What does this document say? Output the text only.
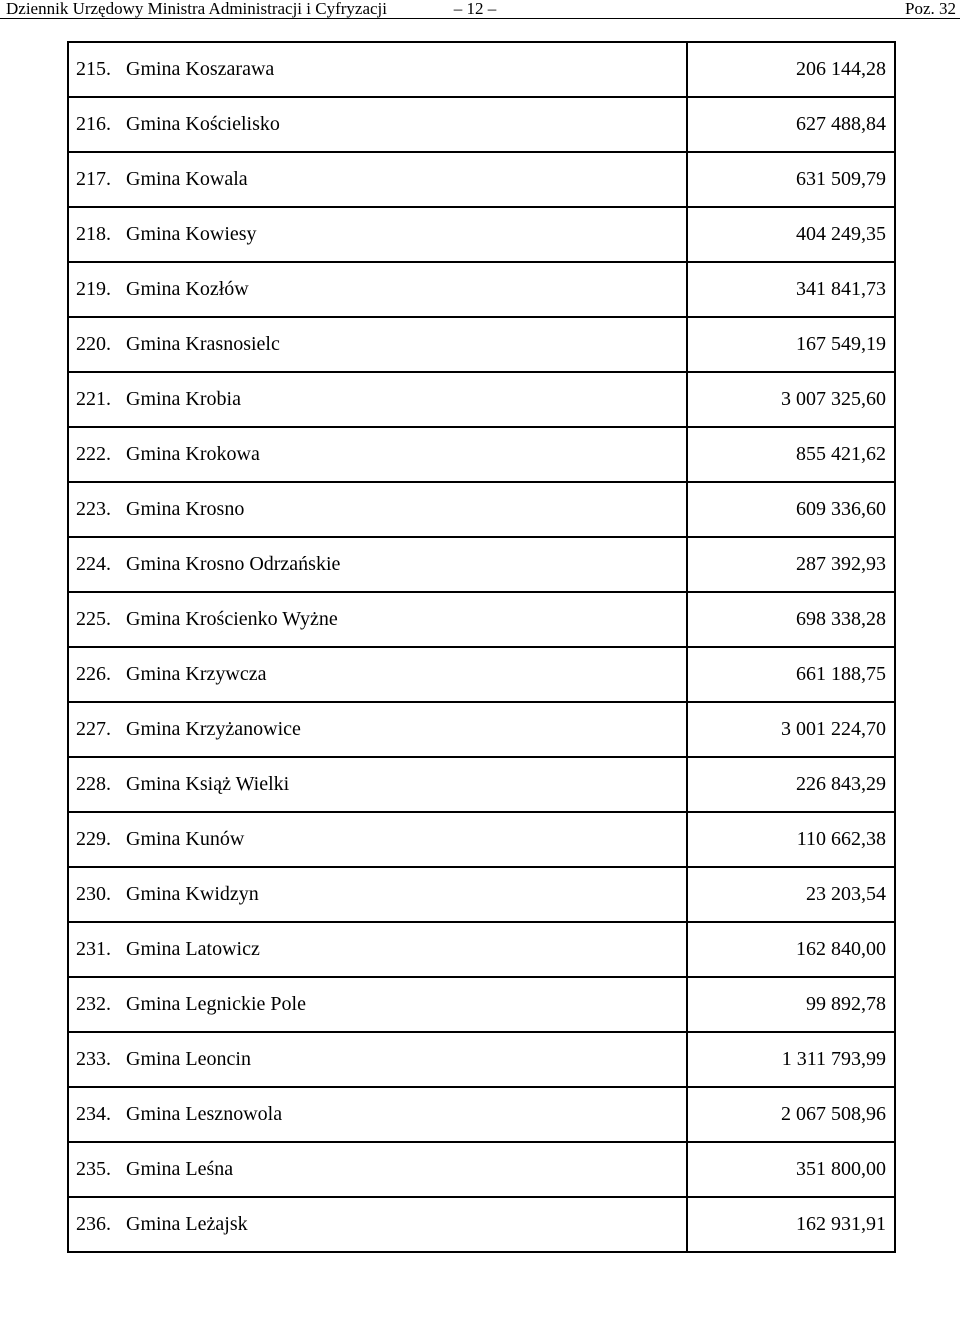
Dziennik Urzędowy Ministra Administracji i Cyfryzacji	– 12 –	Poz. 32
215. Gmina Koszarawa	206 144,28
216. Gmina Kościelisko	627 488,84
217. Gmina Kowala	631 509,79
218. Gmina Kowiesy	404 249,35
219. Gmina Kozłów	341 841,73
220. Gmina Krasnosielc	167 549,19
221. Gmina Krobia	3 007 325,60
222. Gmina Krokowa	855 421,62
223. Gmina Krosno	609 336,60
224. Gmina Krosno Odrzańskie	287 392,93
225. Gmina Krościenko Wyżne	698 338,28
226. Gmina Krzywcza	661 188,75
227. Gmina Krzyżanowice	3 001 224,70
228. Gmina Książ Wielki	226 843,29
229. Gmina Kunów	110 662,38
230. Gmina Kwidzyn	23 203,54
231. Gmina Latowicz	162 840,00
232. Gmina Legnickie Pole	99 892,78
233. Gmina Leoncin	1 311 793,99
234. Gmina Lesznowola	2 067 508,96
235. Gmina Leśna	351 800,00
236. Gmina Leżajsk	162 931,91
